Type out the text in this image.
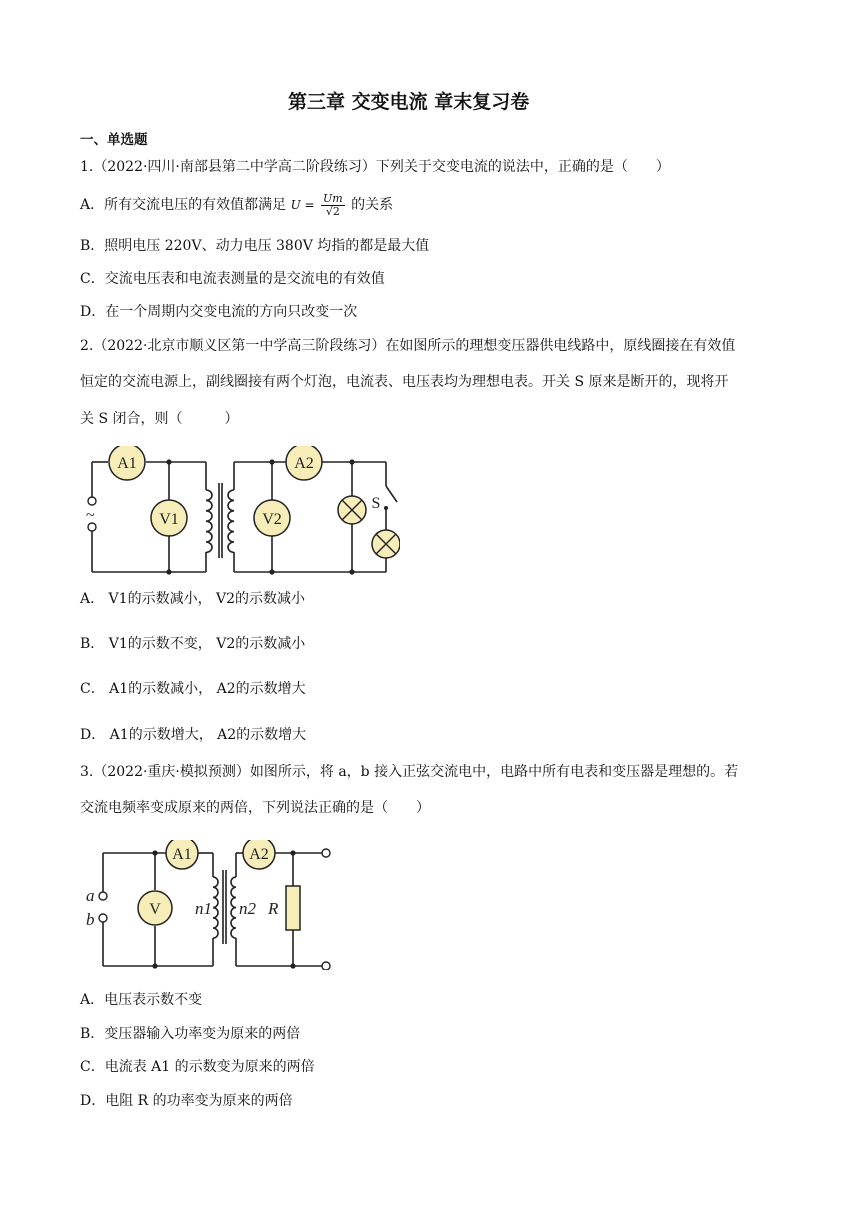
第三章 交变电流 章末复习卷
一、单选题
1.（2022·四川·南部县第二中学高二阶段练习）下列关于交变电流的说法中，正确的是（　　）
A．所有交流电压的有效值都满足 $U = \frac{Um}{√2}$ 的关系
B．照明电压 220V、动力电压 380V 均指的都是最大值
C．交流电压表和电流表测量的是交流电的有效值
D．在一个周期内交变电流的方向只改变一次
2.（2022·北京市顺义区第一中学高三阶段练习）在如图所示的理想变压器供电线路中，原线圈接在有效值
恒定的交流电源上，副线圈接有两个灯泡，电流表、电压表均为理想电表。开关 S 原来是断开的，现将开
关 S 闭合，则（　　　）
~
A1	A2
V1	V2
S
A． V1的示数减小， V2的示数减小
B． V1的示数不变， V2的示数减小
C． A1的示数减小， A2的示数增大
D． A1的示数增大， A2的示数增大
3.（2022·重庆·模拟预测）如图所示，将 a，b 接入正弦交流电中，电路中所有电表和变压器是理想的。若
交流电频率变成原来的两倍，下列说法正确的是（　　）
A1	A2
V
a
b
n1 n2 R
A．电压表示数不变
B．变压器输入功率变为原来的两倍
C．电流表 A1 的示数变为原来的两倍
D．电阻 R 的功率变为原来的两倍
